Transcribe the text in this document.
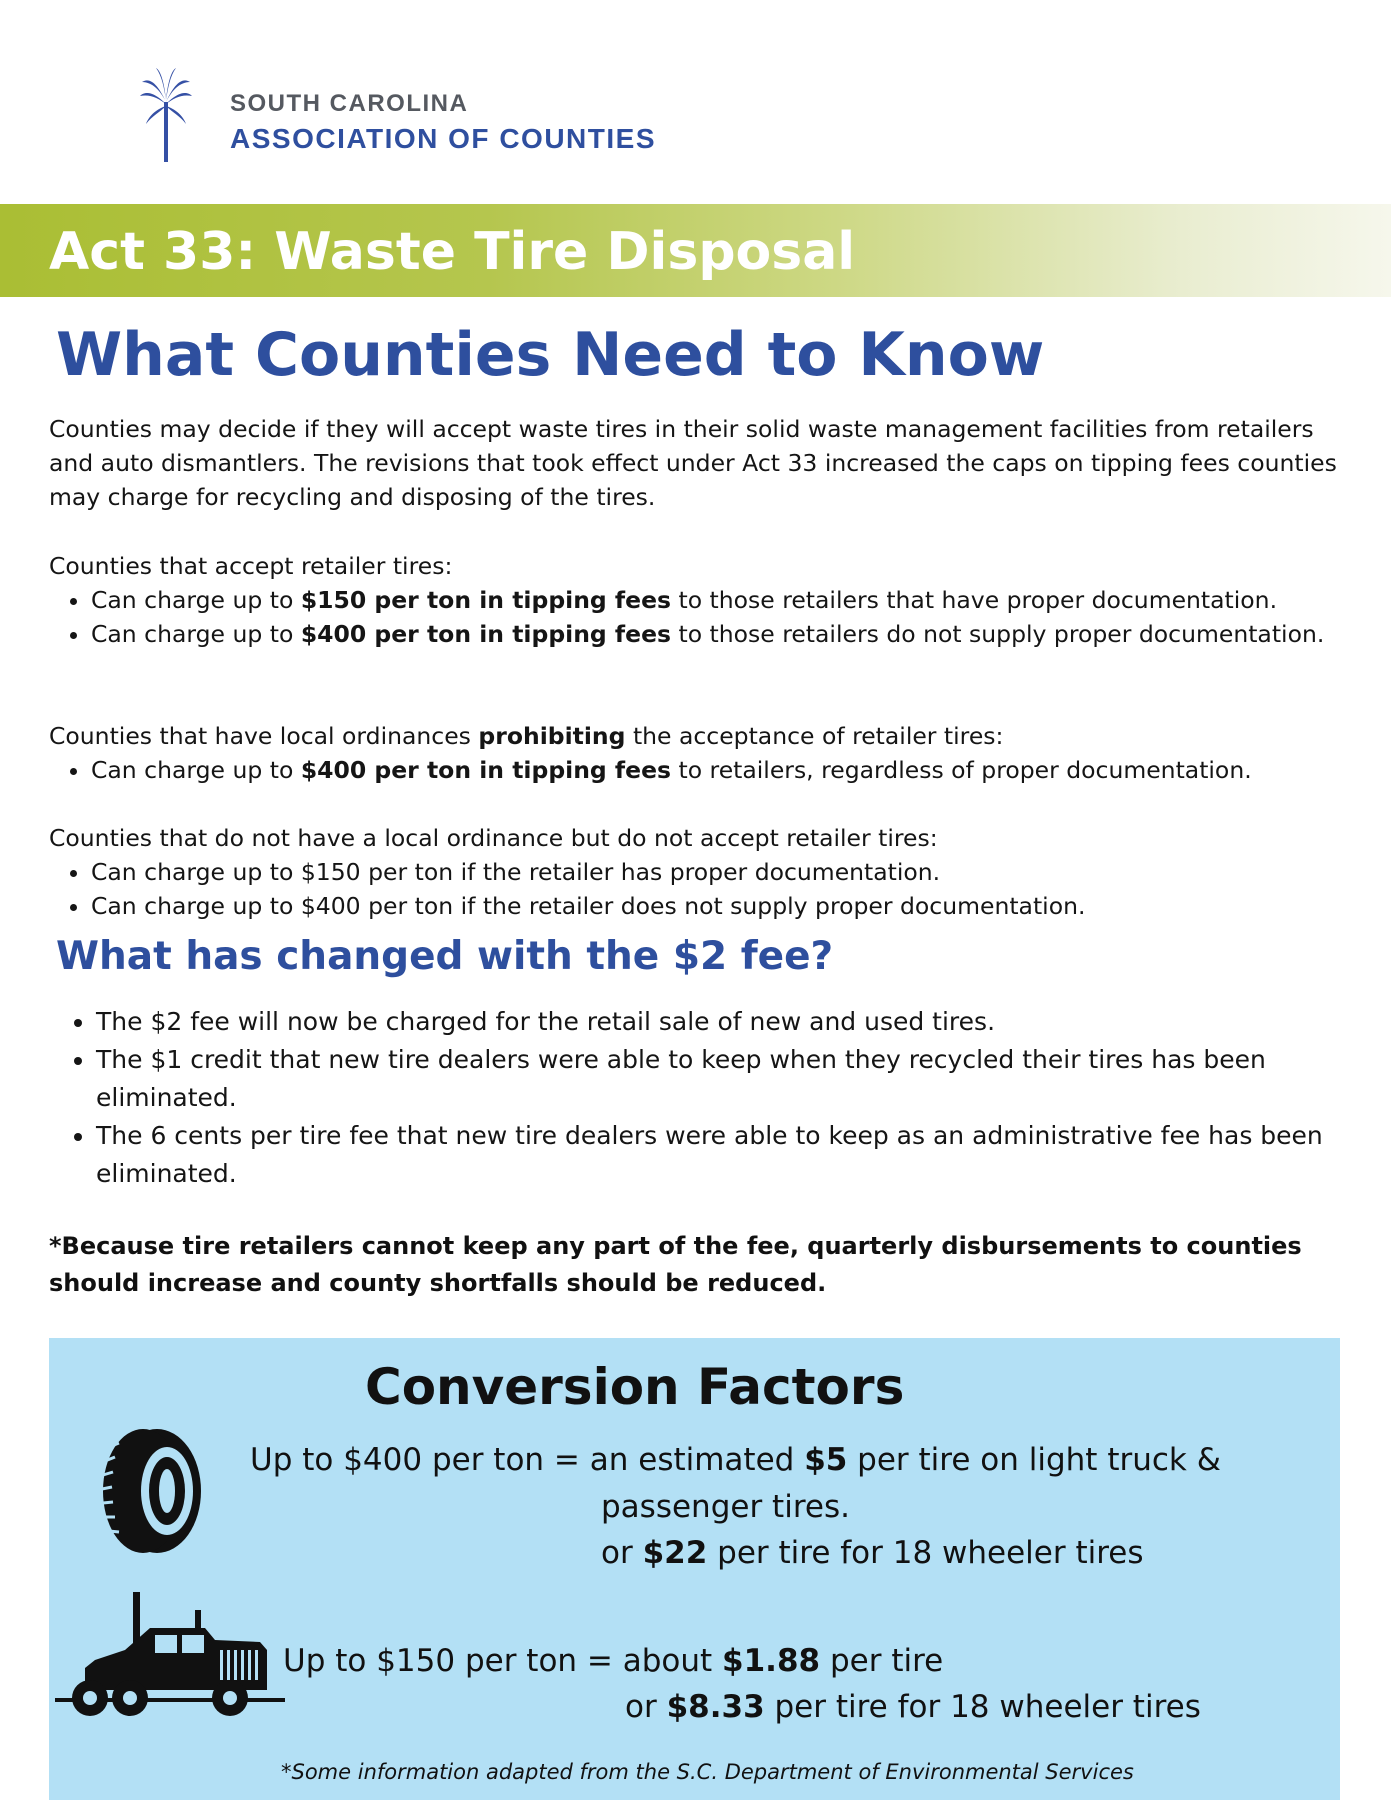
SOUTH CAROLINA
ASSOCIATION OF COUNTIES
Act 33: Waste Tire Disposal
What Counties Need to Know
Counties may decide if they will accept waste tires in their solid waste management facilities from retailers and auto dismantlers. The revisions that took effect under Act 33 increased the caps on tipping fees counties may charge for recycling and disposing of the tires.

Counties that accept retailer tires:

• Can charge up to $150 per ton in tipping fees to those retailers that have proper documentation.
• Can charge up to $400 per ton in tipping fees to those retailers do not supply proper documentation.

Counties that have local ordinances prohibiting the acceptance of retailer tires:

• Can charge up to $400 per ton in tipping fees to retailers, regardless of proper documentation.

Counties that do not have a local ordinance but do not accept retailer tires:

• Can charge up to $150 per ton if the retailer has proper documentation.
• Can charge up to $400 per ton if the retailer does not supply proper documentation.
What has changed with the $2 fee?
• The $2 fee will now be charged for the retail sale of new and used tires.
• The $1 credit that new tire dealers were able to keep when they recycled their tires has been eliminated.
• The 6 cents per tire fee that new tire dealers were able to keep as an administrative fee has been eliminated.
*Because tire retailers cannot keep any part of the fee, quarterly disbursements to counties should increase and county shortfalls should be reduced.
Conversion Factors
Up to $400 per ton = an estimated $5 per tire on light truck &
passenger tires.
or $22 per tire for 18 wheeler tires
Up to $150 per ton = about $1.88 per tire
or $8.33 per tire for 18 wheeler tires
*Some information adapted from the S.C. Department of Environmental Services
